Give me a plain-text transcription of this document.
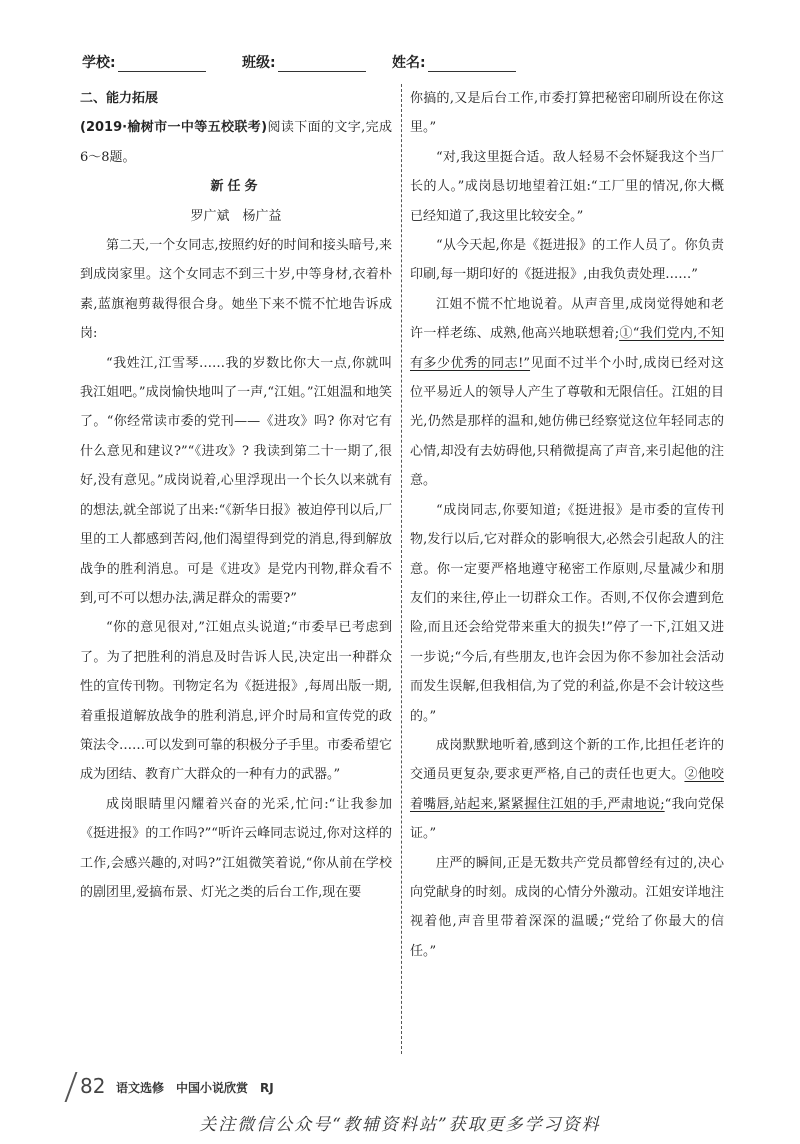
学校:	班级:	姓名:

二、能力拓展

(2019·榆树市一中等五校联考)阅读下面的文字,完成6～8题。

新任务

罗广斌　杨广益

第二天,一个女同志,按照约好的时间和接头暗号,来到成岗家里。这个女同志不到三十岁,中等身材,衣着朴素,蓝旗袍剪裁得很合身。她坐下来不慌不忙地告诉成岗:

“我姓江,江雪琴……我的岁数比你大一点,你就叫我江姐吧。”成岗愉快地叫了一声,“江姐。”江姐温和地笑了。“你经常读市委的党刊——《进攻》吗? 你对它有什么意见和建议?”“《进攻》? 我读到第二十一期了,很好,没有意见。”成岗说着,心里浮现出一个长久以来就有的想法,就全部说了出来:“《新华日报》被迫停刊以后,厂里的工人都感到苦闷,他们渴望得到党的消息,得到解放战争的胜利消息。可是《进攻》是党内刊物,群众看不到,可不可以想办法,满足群众的需要?”

“你的意见很对,”江姐点头说道;“市委早已考虑到了。为了把胜利的消息及时告诉人民,决定出一种群众性的宣传刊物。刊物定名为《挺进报》,每周出版一期,着重报道解放战争的胜利消息,评介时局和宣传党的政策法令……可以发到可靠的积极分子手里。市委希望它成为团结、教育广大群众的一种有力的武器。”

成岗眼睛里闪耀着兴奋的光采,忙问:“让我参加《挺进报》的工作吗?”“听许云峰同志说过,你对这样的工作,会感兴趣的,对吗?”江姐微笑着说,“你从前在学校的剧团里,爱搞布景、灯光之类的后台工作,现在要

你搞的,又是后台工作,市委打算把秘密印刷所设在你这里。”

“对,我这里挺合适。敌人轻易不会怀疑我这个当厂长的人。”成岗恳切地望着江姐:“工厂里的情况,你大概已经知道了,我这里比较安全。”

“从今天起,你是《挺进报》的工作人员了。你负责印刷,每一期印好的《挺进报》,由我负责处理……”

江姐不慌不忙地说着。从声音里,成岗觉得她和老许一样老练、成熟,他高兴地联想着;①“我们党内,不知有多少优秀的同志!”见面不过半个小时,成岗已经对这位平易近人的领导人产生了尊敬和无限信任。江姐的目光,仍然是那样的温和,她仿佛已经察觉这位年轻同志的心情,却没有去妨碍他,只稍微提高了声音,来引起他的注意。

“成岗同志,你要知道;《挺进报》是市委的宣传刊物,发行以后,它对群众的影响很大,必然会引起敌人的注意。你一定要严格地遵守秘密工作原则,尽量减少和朋友们的来往,停止一切群众工作。否则,不仅你会遭到危险,而且还会给党带来重大的损失!”停了一下,江姐又进一步说;“今后,有些朋友,也许会因为你不参加社会活动而发生误解,但我相信,为了党的利益,你是不会计较这些的。”

成岗默默地听着,感到这个新的工作,比担任老许的交通员更复杂,要求更严格,自己的责任也更大。②他咬着嘴唇,站起来,紧紧握住江姐的手,严肃地说;“我向党保证。”

庄严的瞬间,正是无数共产党员都曾经有过的,决心向党献身的时刻。成岗的心情分外激动。江姐安详地注视着他,声音里带着深深的温暖;“党给了你最大的信任。”

82 语文选修　中国小说欣赏　RJ
关注微信公众号“教辅资料站”获取更多学习资料
